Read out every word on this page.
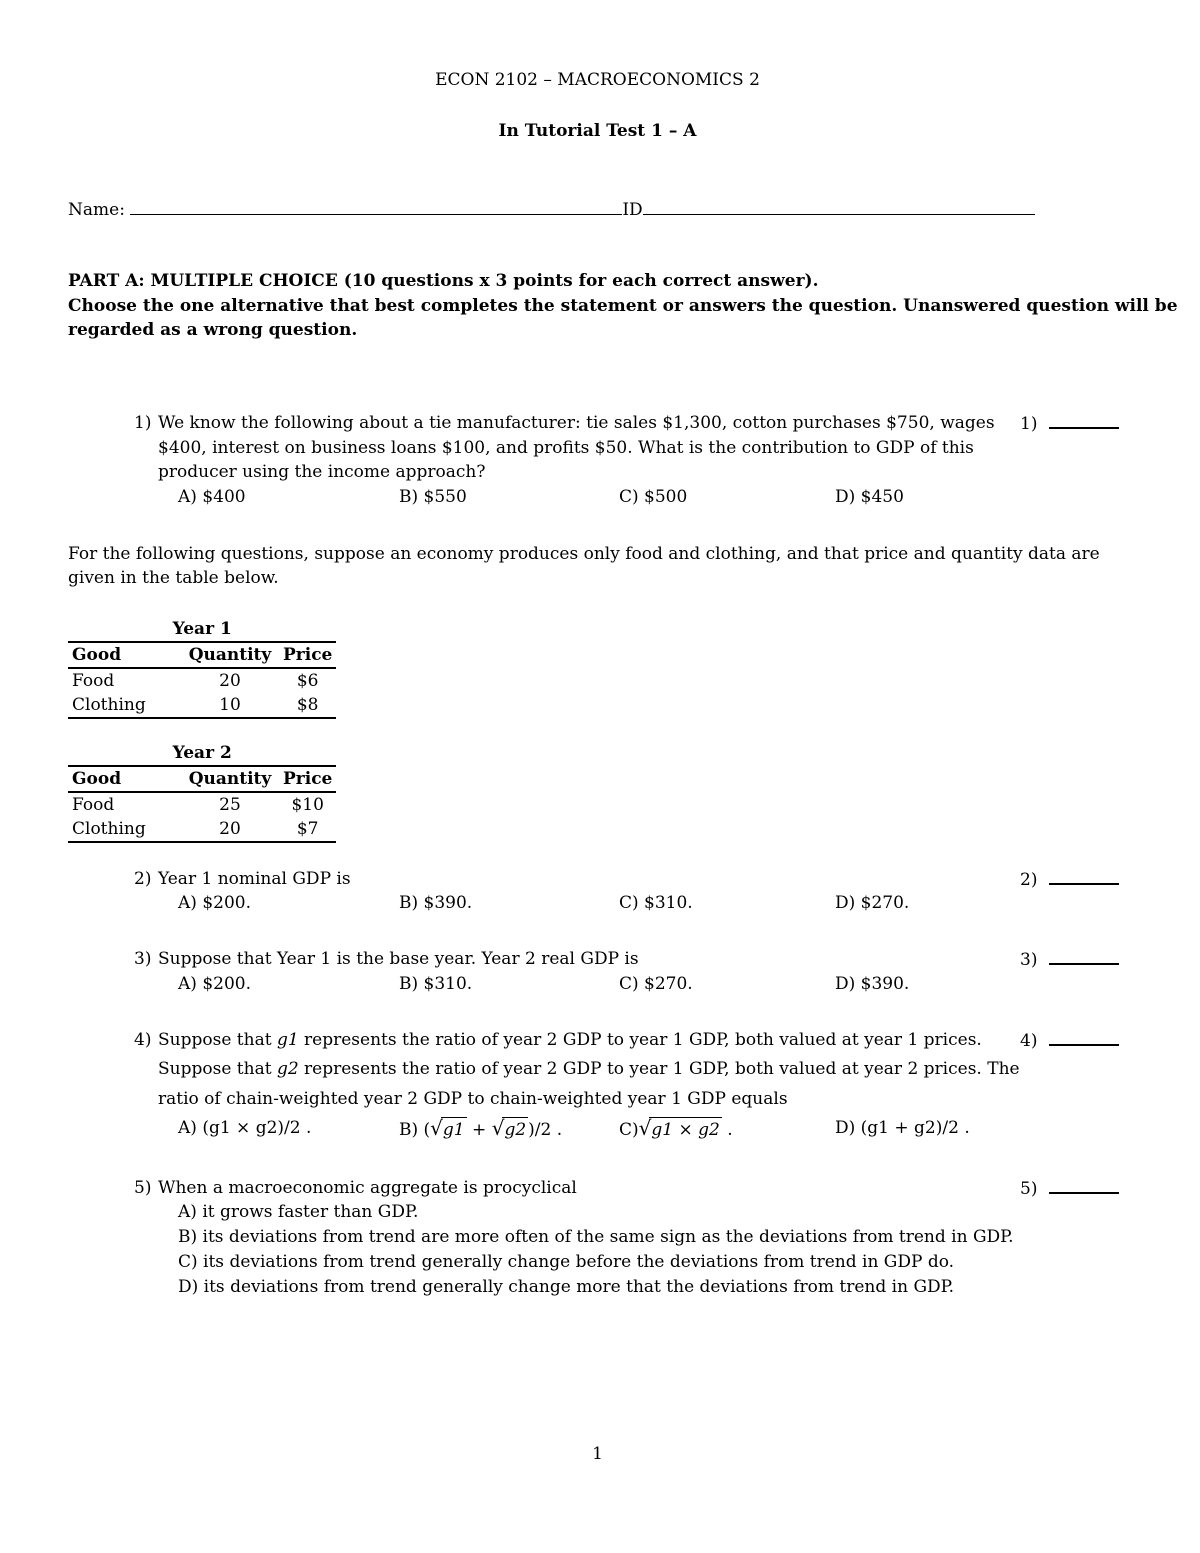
ECON 2102 – MACROECONOMICS 2
In Tutorial Test 1 – A
Name:	ID
PART A: MULTIPLE CHOICE (10 questions x 3 points for each correct answer).
Choose the one alternative that best completes the statement or answers the question. Unanswered question will be
regarded as a wrong question.
1) We know the following about a tie manufacturer: tie sales $1,300, cotton purchases $750, wages
$400, interest on business loans $100, and profits $50. What is the contribution to GDP of this
producer using the income approach?
A) $400	B) $550	C) $500	D) $450
1)
For the following questions, suppose an economy produces only food and clothing, and that price and quantity data are
given in the table below.
Year 1		
Good	Quantity	Price
Food	20	$6
Clothing	10	$8
Year 2		
Good	Quantity	Price
Food	25	$10
Clothing	20	$7
2) Year 1 nominal GDP is
A) $200.	B) $390.	C) $310.	D) $270.
2)
3) Suppose that Year 1 is the base year. Year 2 real GDP is
A) $200.	B) $310.	C) $270.	D) $390.
3)
4) Suppose that g1 represents the ratio of year 2 GDP to year 1 GDP, both valued at year 1 prices.
Suppose that g2 represents the ratio of year 2 GDP to year 1 GDP, both valued at year 2 prices. The
ratio of chain-weighted year 2 GDP to chain-weighted year 1 GDP equals
A) (g1 × g2)/2 .	B) (√g1 + √g2 )/2 .	C)√g1 × g2 .	D) (g1 + g2)/2 .
4)
5) When a macroeconomic aggregate is procyclical
A) it grows faster than GDP.
B) its deviations from trend are more often of the same sign as the deviations from trend in GDP.
C) its deviations from trend generally change before the deviations from trend in GDP do.
D) its deviations from trend generally change more that the deviations from trend in GDP.
5)
1
